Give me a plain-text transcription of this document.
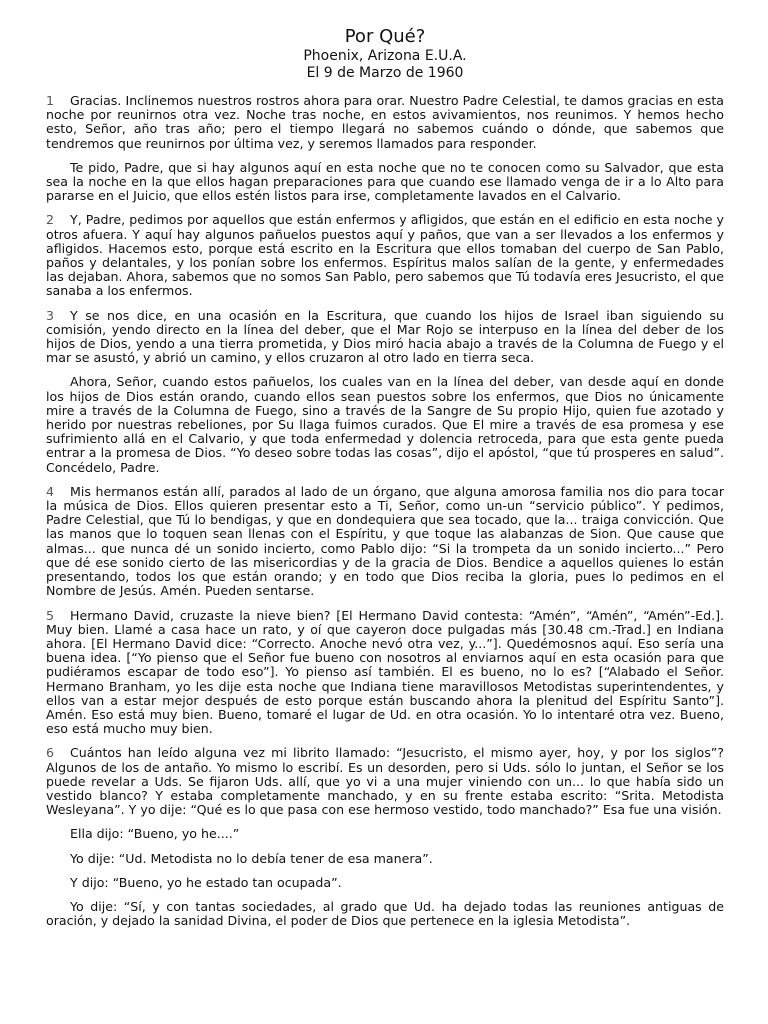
Por Qué?
Phoenix, Arizona E.U.A.
El 9 de Marzo de 1960

1 Gracias. Inclinemos nuestros rostros ahora para orar. Nuestro Padre Celestial, te damos gracias en esta noche por reunirnos otra vez. Noche tras noche, en estos avivamientos, nos reunimos. Y hemos hecho esto, Señor, año tras año; pero el tiempo llegará no sabemos cuándo o dónde, que sabemos que tendremos que reunirnos por última vez, y seremos llamados para responder.

Te pido, Padre, que si hay algunos aquí en esta noche que no te conocen como su Salvador, que esta sea la noche en la que ellos hagan preparaciones para que cuando ese llamado venga de ir a lo Alto para pararse en el Juicio, que ellos estén listos para irse, completamente lavados en el Calvario.

2 Y, Padre, pedimos por aquellos que están enfermos y afligidos, que están en el edificio en esta noche y otros afuera. Y aquí hay algunos pañuelos puestos aquí y paños, que van a ser llevados a los enfermos y afligidos. Hacemos esto, porque está escrito en la Escritura que ellos tomaban del cuerpo de San Pablo, paños y delantales, y los ponían sobre los enfermos. Espíritus malos salían de la gente, y enfermedades las dejaban. Ahora, sabemos que no somos San Pablo, pero sabemos que Tú todavía eres Jesucristo, el que sanaba a los enfermos.

3 Y se nos dice, en una ocasión en la Escritura, que cuando los hijos de Israel iban siguiendo su comisión, yendo directo en la línea del deber, que el Mar Rojo se interpuso en la línea del deber de los hijos de Dios, yendo a una tierra prometida, y Dios miró hacia abajo a través de la Columna de Fuego y el mar se asustó, y abrió un camino, y ellos cruzaron al otro lado en tierra seca.

Ahora, Señor, cuando estos pañuelos, los cuales van en la línea del deber, van desde aquí en donde los hijos de Dios están orando, cuando ellos sean puestos sobre los enfermos, que Dios no únicamente mire a través de la Columna de Fuego, sino a través de la Sangre de Su propio Hijo, quien fue azotado y herido por nuestras rebeliones, por Su llaga fuimos curados. Que El mire a través de esa promesa y ese sufrimiento allá en el Calvario, y que toda enfermedad y dolencia retroceda, para que esta gente pueda entrar a la promesa de Dios. “Yo deseo sobre todas las cosas”, dijo el apóstol, “que tú prosperes en salud”. Concédelo, Padre.

4 Mis hermanos están allí, parados al lado de un órgano, que alguna amorosa familia nos dio para tocar la música de Dios. Ellos quieren presentar esto a Ti, Señor, como un-un “servicio público”. Y pedimos, Padre Celestial, que Tú lo bendigas, y que en dondequiera que sea tocado, que la... traiga convicción. Que las manos que lo toquen sean llenas con el Espíritu, y que toque las alabanzas de Sion. Que cause que almas... que nunca dé un sonido incierto, como Pablo dijo: “Si la trompeta da un sonido incierto...” Pero que dé ese sonido cierto de las misericordias y de la gracia de Dios. Bendice a aquellos quienes lo están presentando, todos los que están orando; y en todo que Dios reciba la gloria, pues lo pedimos en el Nombre de Jesús. Amén. Pueden sentarse.

5 Hermano David, cruzaste la nieve bien? [El Hermano David contesta: “Amén”, “Amén”, “Amén”-Ed.]. Muy bien. Llamé a casa hace un rato, y oí que cayeron doce pulgadas más [30.48 cm.-Trad.] en Indiana ahora. [El Hermano David dice: “Correcto. Anoche nevó otra vez, y...”]. Quedémosnos aquí. Eso sería una buena idea. [“Yo pienso que el Señor fue bueno con nosotros al enviarnos aquí en esta ocasión para que pudiéramos escapar de todo eso”]. Yo pienso así también. El es bueno, no lo es? [“Alabado el Señor. Hermano Branham, yo les dije esta noche que Indiana tiene maravillosos Metodistas superintendentes, y ellos van a estar mejor después de esto porque están buscando ahora la plenitud del Espíritu Santo”]. Amén. Eso está muy bien. Bueno, tomaré el lugar de Ud. en otra ocasión. Yo lo intentaré otra vez. Bueno, eso está mucho muy bien.

6 Cuántos han leído alguna vez mi librito llamado: “Jesucristo, el mismo ayer, hoy, y por los siglos”? Algunos de los de antaño. Yo mismo lo escribí. Es un desorden, pero si Uds. sólo lo juntan, el Señor se los puede revelar a Uds. Se fijaron Uds. allí, que yo vi a una mujer viniendo con un... lo que había sido un vestido blanco? Y estaba completamente manchado, y en su frente estaba escrito: “Srita. Metodista Wesleyana”. Y yo dije: “Qué es lo que pasa con ese hermoso vestido, todo manchado?” Esa fue una visión.

Ella dijo: “Bueno, yo he....”

Yo dije: “Ud. Metodista no lo debía tener de esa manera”.

Y dijo: “Bueno, yo he estado tan ocupada”.

Yo dije: “Sí, y con tantas sociedades, al grado que Ud. ha dejado todas las reuniones antiguas de oración, y dejado la sanidad Divina, el poder de Dios que pertenece en la iglesia Metodista”.
